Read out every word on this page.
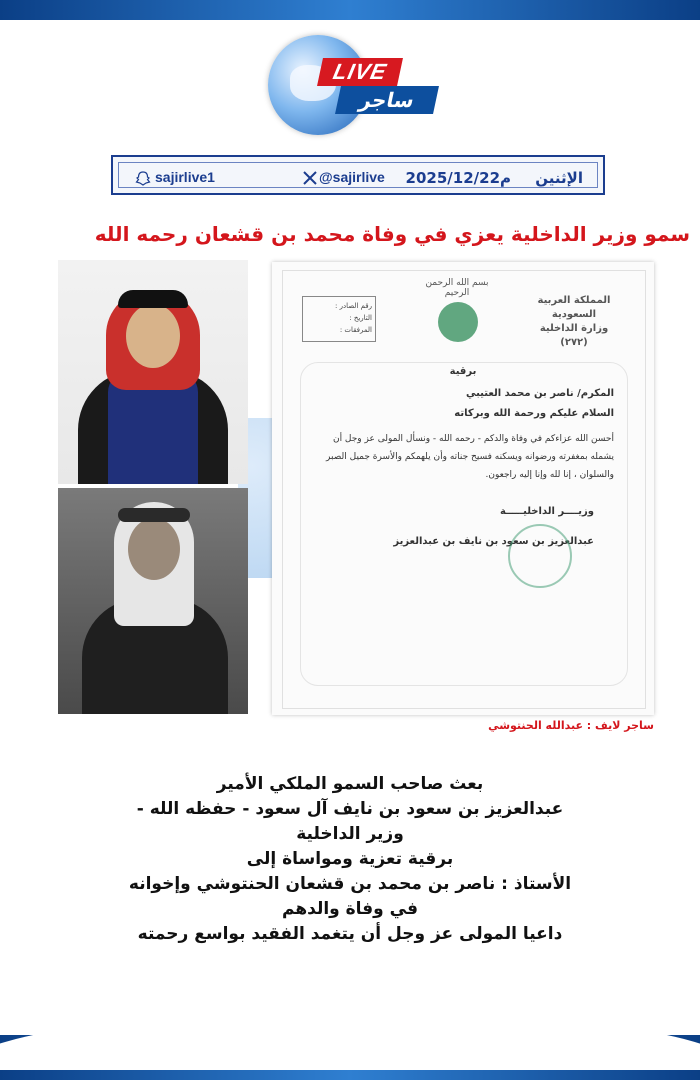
LIVE
ساجر
الإثنين
2025/12/22م
@sajirlive
sajirlive1
سمو وزير الداخلية يعزي في وفاة محمد بن قشعان رحمه الله
المملكة العربية السعودية
وزارة الداخلية
(٢٧٢)
بسم الله الرحمن الرحيم
رقم الصادر :
التاريخ :
المرفقات :
برقية
المكرم/ ناصر بن محمد العتيبي
السلام عليكم ورحمة الله وبركاته
أحسن الله عزاءكم في وفاة والدكم - رحمه الله - ونسأل المولى عز وجل أن
يشمله بمغفرته ورضوانه ويسكنه فسيح جناته وأن يلهمكم والأسرة جميل الصبر
والسلوان ، إنا لله وإنا إليه راجعون.
وزيــــر الداخليـــــة
عبدالعزيز بن سعود بن نايف بن عبدالعزيز
ساجر لايف : عبدالله الحنتوشي
بعث صاحب السمو الملكي الأمير
عبدالعزيز بن سعود بن نايف آل سعود - حفظه الله -
وزير الداخلية
برقية تعزية ومواساة إلى
الأستاذ : ناصر بن محمد بن قشعان الحنتوشي وإخوانه
في وفاة والدهم
داعيا المولى عز وجل أن يتغمد الفقيد بواسع رحمته
